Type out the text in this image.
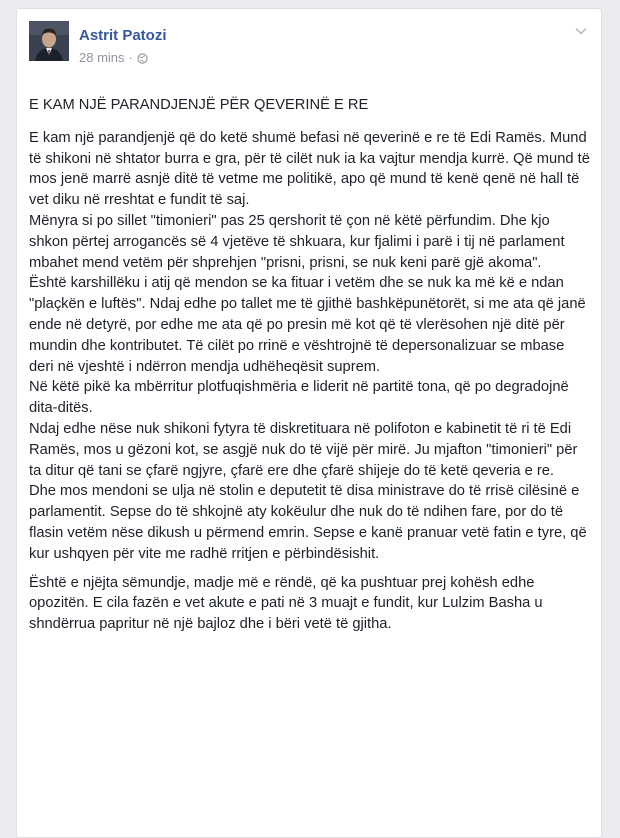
Astrit Patozi
28 mins ·

E KAM NJË PARANDJENJË PËR QEVERINË E RE

E kam një parandjenjë që do ketë shumë befasi në qeverinë e re të Edi Ramës. Mund të shikoni në shtator burra e gra, për të cilët nuk ia ka vajtur mendja kurrë. Që mund të mos jenë marrë asnjë ditë të vetme me politikë, apo që mund të kenë qenë në hall të vet diku në rreshtat e fundit të saj.

Mënyra si po sillet "timonieri" pas 25 qershorit të çon në këtë përfundim. Dhe kjo shkon përtej arrogancës së 4 vjetëve të shkuara, kur fjalimi i parë i tij në parlament mbahet mend vetëm për shprehjen "prisni, prisni, se nuk keni parë gjë akoma".

Është karshillëku i atij që mendon se ka fituar i vetëm dhe se nuk ka më kë e ndan "plaçkën e luftës". Ndaj edhe po tallet me të gjithë bashkëpunëtorët, si me ata që janë ende në detyrë, por edhe me ata që po presin më kot që të vlerësohen një ditë për mundin dhe kontributet. Të cilët po rrinë e vështrojnë të depersonalizuar se mbase deri në vjeshtë i ndërron mendja udhëheqësit suprem.

Në këtë pikë ka mbërritur plotfuqishmëria e liderit në partitë tona, që po degradojnë dita-ditës.

Ndaj edhe nëse nuk shikoni fytyra të diskretituara në polifoton e kabinetit të ri të Edi Ramës, mos u gëzoni kot, se asgjë nuk do të vijë për mirë. Ju mjafton "timonieri" për ta ditur që tani se çfarë ngjyre, çfarë ere dhe çfarë shijeje do të ketë qeveria e re.

Dhe mos mendoni se ulja në stolin e deputetit të disa ministrave do të rrisë cilësinë e parlamentit. Sepse do të shkojnë aty kokëulur dhe nuk do të ndihen fare, por do të flasin vetëm nëse dikush u përmend emrin. Sepse e kanë pranuar vetë fatin e tyre, që kur ushqyen për vite me radhë rritjen e përbindësishit.

Është e njëjta sëmundje, madje më e rëndë, që ka pushtuar prej kohësh edhe opozitën. E cila fazën e vet akute e pati në 3 muajt e fundit, kur Lulzim Basha u shndërrua papritur në një bajloz dhe i bëri vetë të gjitha.
